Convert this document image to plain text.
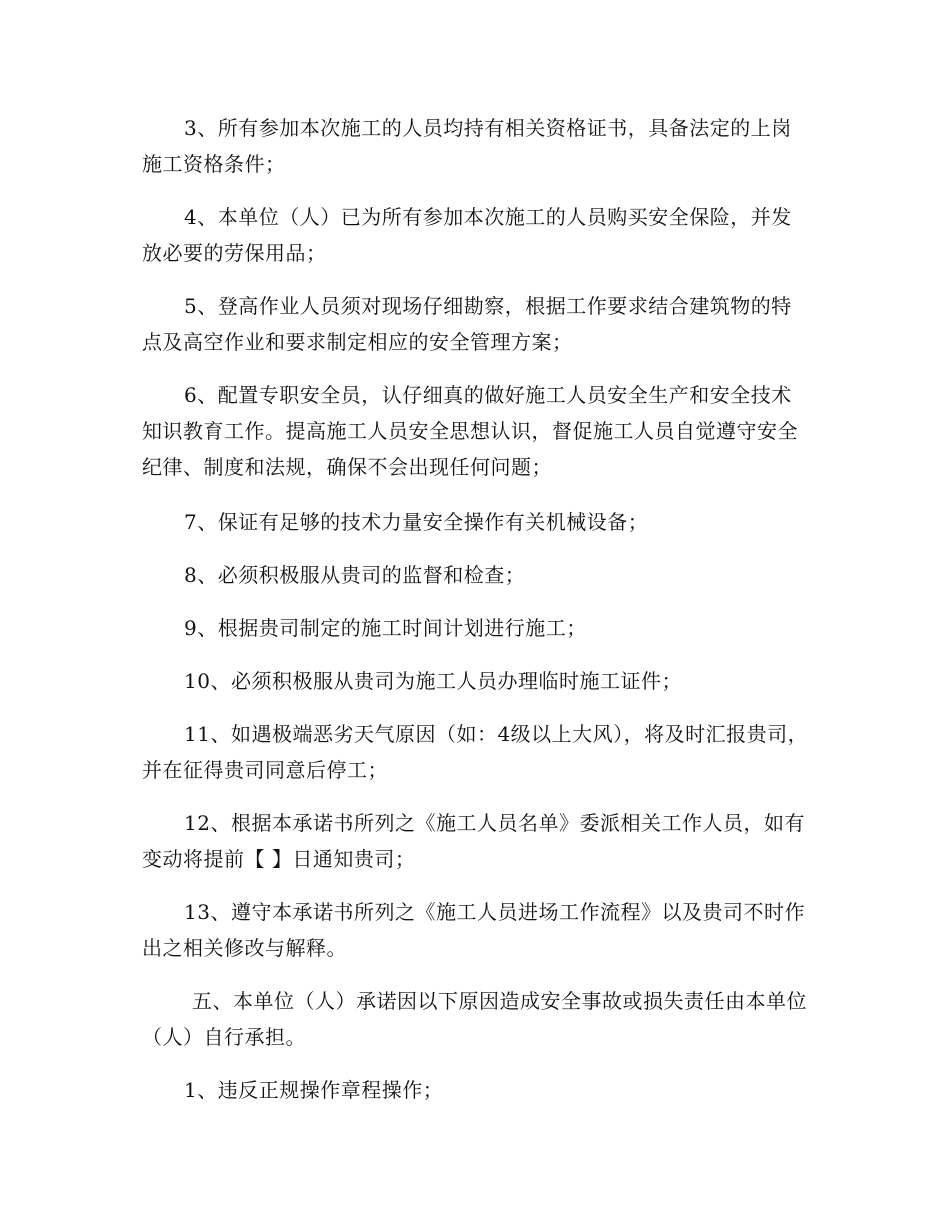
3、所有参加本次施工的人员均持有相关资格证书，具备法定的上岗施工资格条件；

4、本单位（人）已为所有参加本次施工的人员购买安全保险，并发放必要的劳保用品；

5、登高作业人员须对现场仔细勘察，根据工作要求结合建筑物的特点及高空作业和要求制定相应的安全管理方案；

6、配置专职安全员，认仔细真的做好施工人员安全生产和安全技术知识教育工作。提高施工人员安全思想认识，督促施工人员自觉遵守安全纪律、制度和法规，确保不会出现任何问题；

7、保证有足够的技术力量安全操作有关机械设备；

8、必须积极服从贵司的监督和检查；

9、根据贵司制定的施工时间计划进行施工；

10、必须积极服从贵司为施工人员办理临时施工证件；

11、如遇极端恶劣天气原因（如：4级以上大风），将及时汇报贵司，并在征得贵司同意后停工；

12、根据本承诺书所列之《施工人员名单》委派相关工作人员，如有变动将提前【 】日通知贵司；

13、遵守本承诺书所列之《施工人员进场工作流程》以及贵司不时作出之相关修改与解释。

五、本单位（人）承诺因以下原因造成安全事故或损失责任由本单位（人）自行承担。

1、违反正规操作章程操作；
